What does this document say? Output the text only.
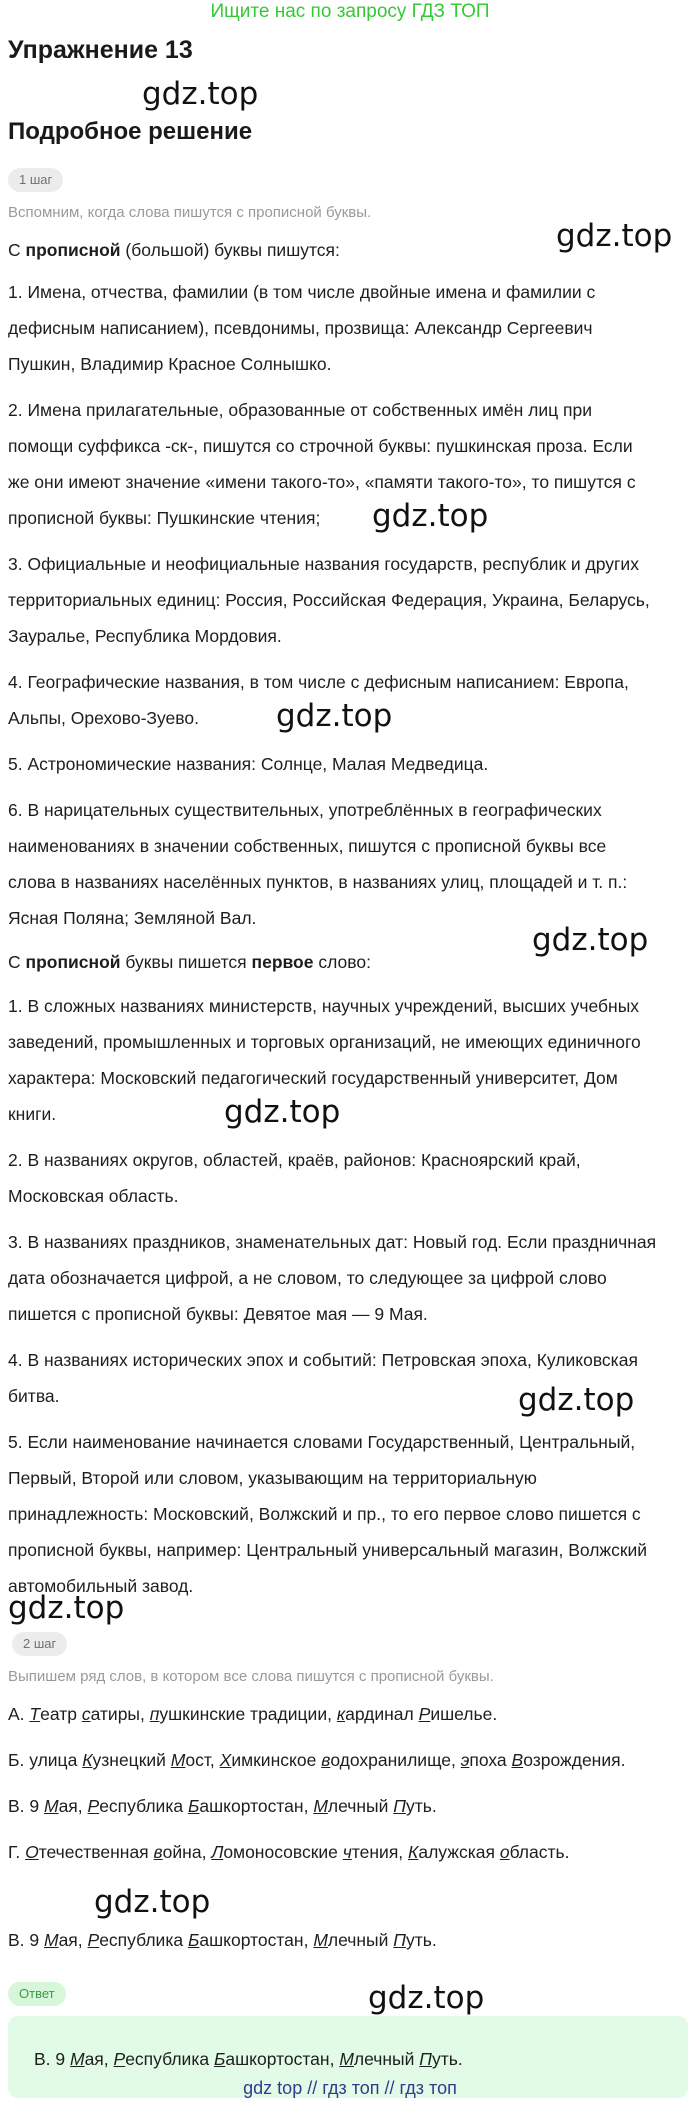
Ищите нас по запросу ГДЗ ТОП
Упражнение 13
gdz.top
Подробное решение
1 шаг
Вспомним, когда слова пишутся с прописной буквы.
gdz.top
С прописной (большой) буквы пишутся:
1. Имена, отчества, фамилии (в том числе двойные имена и фамилии с
дефисным написанием), псевдонимы, прозвища: Александр Сергеевич
Пушкин, Владимир Красное Солнышко.
2. Имена прилагательные, образованные от собственных имён лиц при
помощи суффикса -ск-, пишутся со строчной буквы: пушкинская проза. Если
же они имеют значение «имени такого-то», «памяти такого-то», то пишутся с
прописной буквы: Пушкинские чтения;	gdz.top
3. Официальные и неофициальные названия государств, республик и других
территориальных единиц: Россия, Российская Федерация, Украина, Беларусь,
Зауралье, Республика Мордовия.
4. Географические названия, в том числе с дефисным написанием: Европа,
Альпы, Орехово-Зуево.	gdz.top
5. Астрономические названия: Солнце, Малая Медведица.
6. В нарицательных существительных, употреблённых в географических
наименованиях в значении собственных, пишутся с прописной буквы все
слова в названиях населённых пунктов, в названиях улиц, площадей и т. п.:
Ясная Поляна; Земляной Вал.
gdz.top
С прописной буквы пишется первое слово:
1. В сложных названиях министерств, научных учреждений, высших учебных
заведений, промышленных и торговых организаций, не имеющих единичного
характера: Московский педагогический государственный университет, Дом
книги.	gdz.top
2. В названиях округов, областей, краёв, районов: Красноярский край,
Московская область.
3. В названиях праздников, знаменательных дат: Новый год. Если праздничная
дата обозначается цифрой, а не словом, то следующее за цифрой слово
пишется с прописной буквы: Девятое мая — 9 Мая.
4. В названиях исторических эпох и событий: Петровская эпоха, Куликовская
битва.	gdz.top
5. Если наименование начинается словами Государственный, Центральный,
Первый, Второй или словом, указывающим на территориальную
принадлежность: Московский, Волжский и пр., то его первое слово пишется с
прописной буквы, например: Центральный универсальный магазин, Волжский
автомобильный завод.
gdz.top
2 шаг
Выпишем ряд слов, в котором все слова пишутся с прописной буквы.
А. Театр сатиры, пушкинские традиции, кардинал Ришелье.
Б. улица Кузнецкий Мост, Химкинское водохранилище, эпоха Возрождения.
В. 9 Мая, Республика Башкортостан, Млечный Путь.
Г. Отечественная война, Ломоносовские чтения, Калужская область.
gdz.top
В. 9 Мая, Республика Башкортостан, Млечный Путь.
Ответ	gdz.top
В. 9 Мая, Республика Башкортостан, Млечный Путь.
gdz top // гдз топ // гдз топ
